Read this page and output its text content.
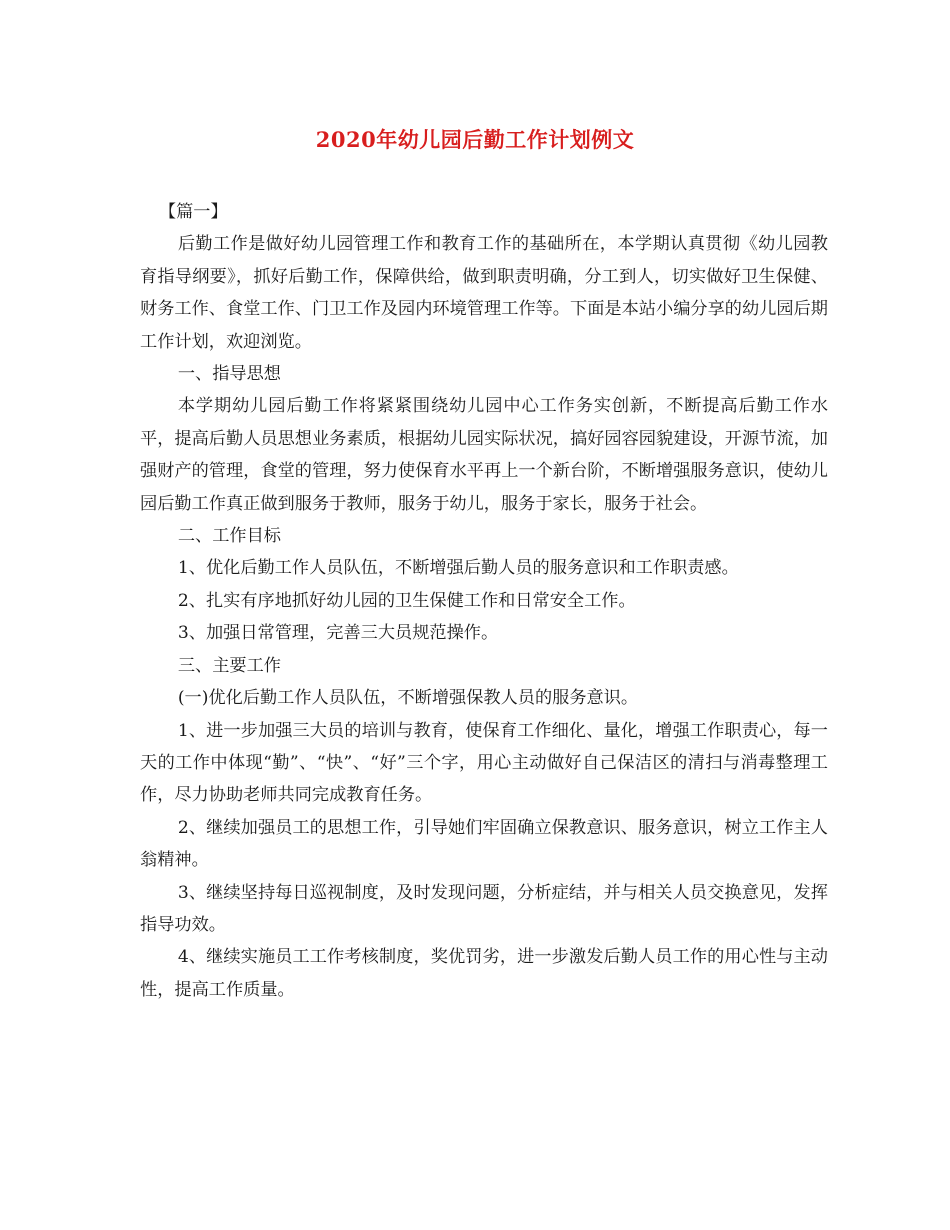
2020年幼儿园后勤工作计划例文

【篇一】

后勤工作是做好幼儿园管理工作和教育工作的基础所在，本学期认真贯彻《幼儿园教育指导纲要》，抓好后勤工作，保障供给，做到职责明确，分工到人，切实做好卫生保健、财务工作、食堂工作、门卫工作及园内环境管理工作等。下面是本站小编分享的幼儿园后期工作计划，欢迎浏览。

一、指导思想

本学期幼儿园后勤工作将紧紧围绕幼儿园中心工作务实创新，不断提高后勤工作水平，提高后勤人员思想业务素质，根据幼儿园实际状况，搞好园容园貌建设，开源节流，加强财产的管理，食堂的管理，努力使保育水平再上一个新台阶，不断增强服务意识，使幼儿园后勤工作真正做到服务于教师，服务于幼儿，服务于家长，服务于社会。

二、工作目标

1、优化后勤工作人员队伍，不断增强后勤人员的服务意识和工作职责感。

2、扎实有序地抓好幼儿园的卫生保健工作和日常安全工作。

3、加强日常管理，完善三大员规范操作。

三、主要工作

(一)优化后勤工作人员队伍，不断增强保教人员的服务意识。

1、进一步加强三大员的培训与教育，使保育工作细化、量化，增强工作职责心，每一天的工作中体现“勤”、“快”、“好”三个字，用心主动做好自己保洁区的清扫与消毒整理工作，尽力协助老师共同完成教育任务。

2、继续加强员工的思想工作，引导她们牢固确立保教意识、服务意识，树立工作主人翁精神。

3、继续坚持每日巡视制度，及时发现问题，分析症结，并与相关人员交换意见，发挥指导功效。

4、继续实施员工工作考核制度，奖优罚劣，进一步激发后勤人员工作的用心性与主动性，提高工作质量。
